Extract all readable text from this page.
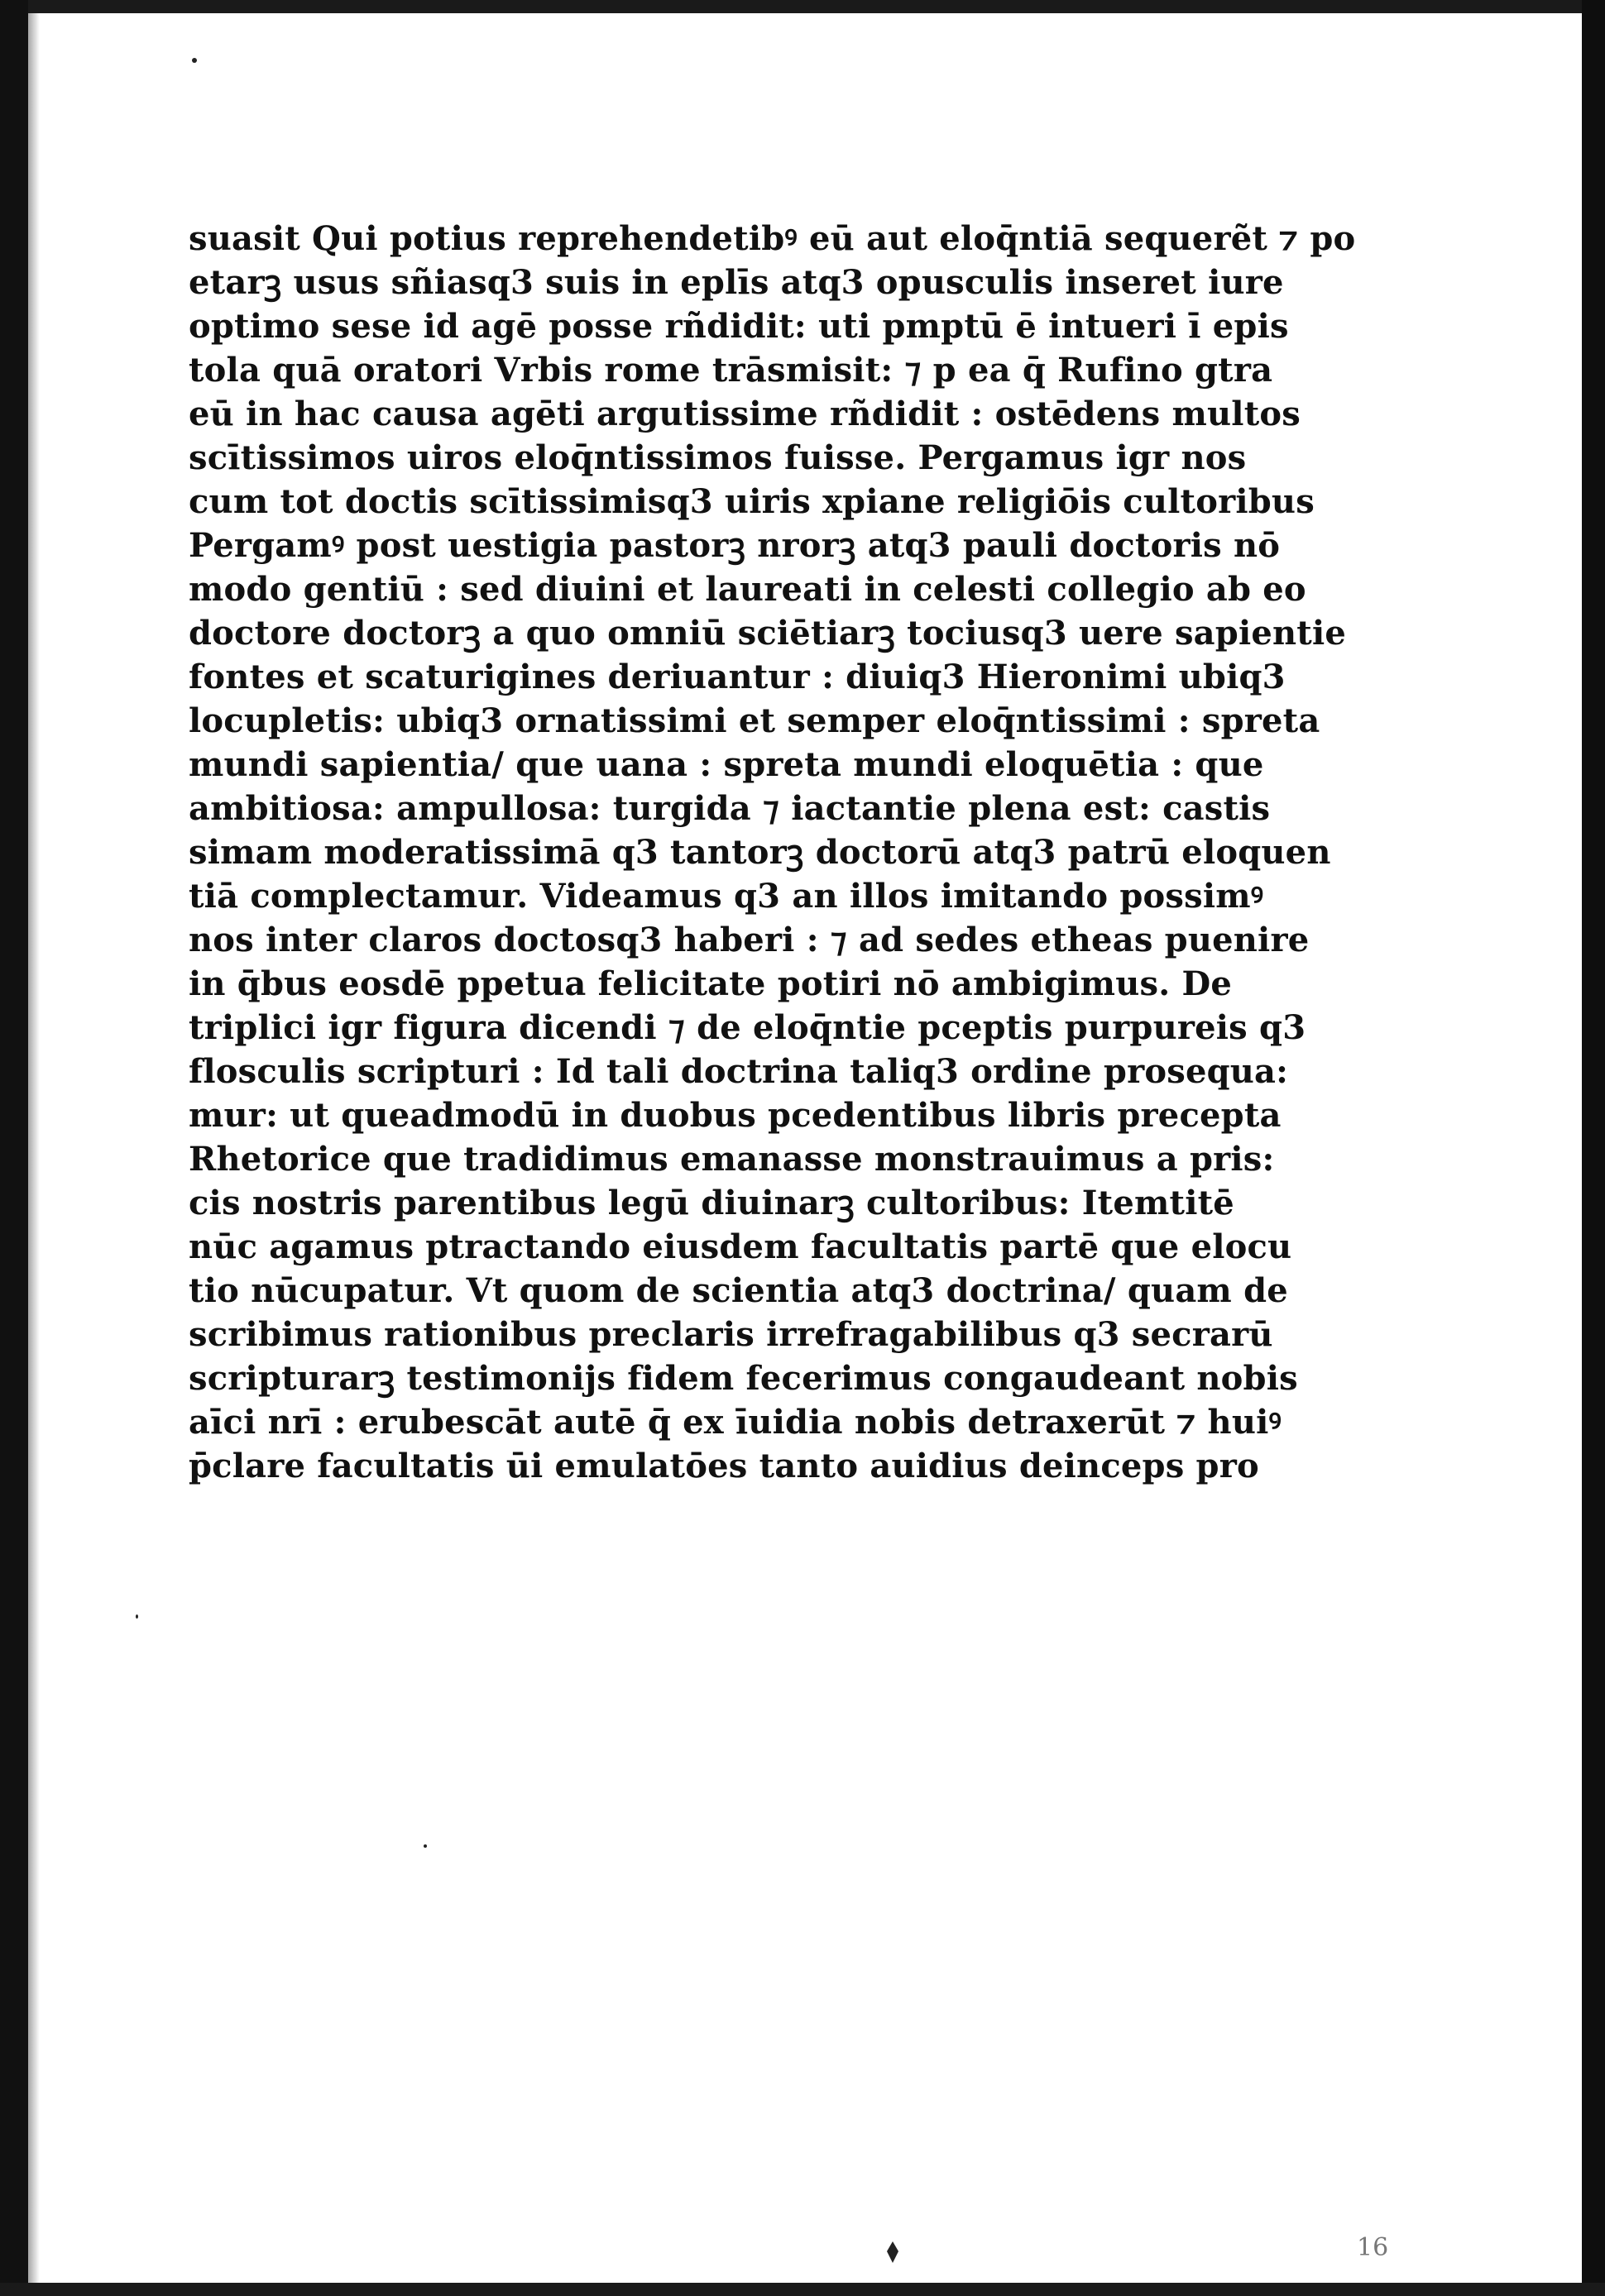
suasit Qui potius reprehendetibꝰ eū aut eloq̄ntiā sequerẽt ⁊ po
etarꝫ usus sñiasq3 suis in eplīs atq3 opusculis inseret iure
optimo sese id agē posse rñdidit: uti pmptū ē intueri ī epis
tola quā oratori Vrbis rome trāsmisit: ⁊ p ea q̄ Rufino gtra
eū in hac causa agēti argutissime rñdidit : ostēdens multos
scītissimos uiros eloq̄ntissimos fuisse. Pergamus igr nos
cum tot doctis scītissimisq3 uiris xpiane religiōis cultoribus
Pergamꝰ post uestigia pastorꝫ nrorꝫ atq3 pauli doctoris nō
modo gentiū : sed diuini et laureati in celesti collegio ab eo
doctore doctorꝫ a quo omniū sciētiarꝫ tociusq3 uere sapientie
fontes et scaturigines deriuantur : diuiq3 Hieronimi ubiq3
locupletis: ubiq3 ornatissimi et semper eloq̄ntissimi : spreta
mundi sapientia/ que uana : spreta mundi eloquētia : que
ambitiosa: ampullosa: turgida ⁊ iactantie plena est: castis
simam moderatissimā q3 tantorꝫ doctorū atq3 patrū eloquen
tiā complectamur. Videamus q3 an illos imitando possimꝰ
nos inter claros doctosq3 haberi : ⁊ ad sedes etheas puenire
in q̄bus eosdē ppetua felicitate potiri nō ambigimus. De
triplici igr figura dicendi ⁊ de eloq̄ntie pceptis purpureis q3
flosculis scripturi : Id tali doctrina taliq3 ordine prosequa:
mur: ut queadmodū in duobus pcedentibus libris precepta
Rhetorice que tradidimus emanasse monstrauimus a pris:
cis nostris parentibus legū diuinarꝫ cultoribus: Itemtitē
nūc agamus ptractando eiusdem facultatis partē que elocu
tio nūcupatur. Vt quom de scientia atq3 doctrina/ quam de
scribimus rationibus preclaris irrefragabilibus q3 secrarū
scripturarꝫ testimonijs fidem fecerimus congaudeant nobis
aīci nrī : erubescāt autē q̄ ex īuidia nobis detraxerūt ⁊ huiꝰ
p̄clare facultatis ūi emulatōes tanto auidius deinceps pro
16
